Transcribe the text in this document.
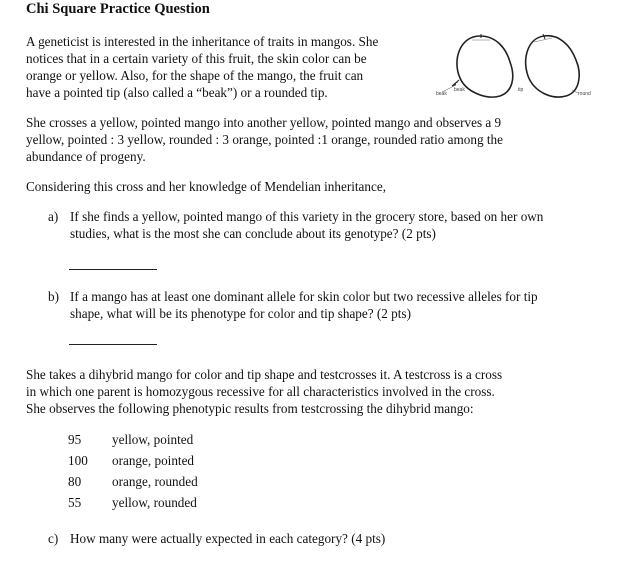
Chi Square Practice Question
A geneticist is interested in the inheritance of traits in mangos. She
notices that in a certain variety of this fruit, the skin color can be
orange or yellow. Also, for the shape of the mango, the fruit can
have a pointed tip (also called a “beak”) or a rounded tip.	beak
beak	tip
round
She crosses a yellow, pointed mango into another yellow, pointed mango and observes a 9
yellow, pointed : 3 yellow, rounded : 3 orange, pointed :1 orange, rounded ratio among the
abundance of progeny.
Considering this cross and her knowledge of Mendelian inheritance,
a) If she finds a yellow, pointed mango of this variety in the grocery store, based on her own
studies, what is the most she can conclude about its genotype? (2 pts)
b) If a mango has at least one dominant allele for skin color but two recessive alleles for tip
shape, what will be its phenotype for color and tip shape? (2 pts)
She takes a dihybrid mango for color and tip shape and testcrosses it. A testcross is a cross
in which one parent is homozygous recessive for all characteristics involved in the cross.
She observes the following phenotypic results from testcrossing the dihybrid mango:
95 yellow, pointed
100 orange, pointed
80 orange, rounded
55 yellow, rounded
c) How many were actually expected in each category? (4 pts)
